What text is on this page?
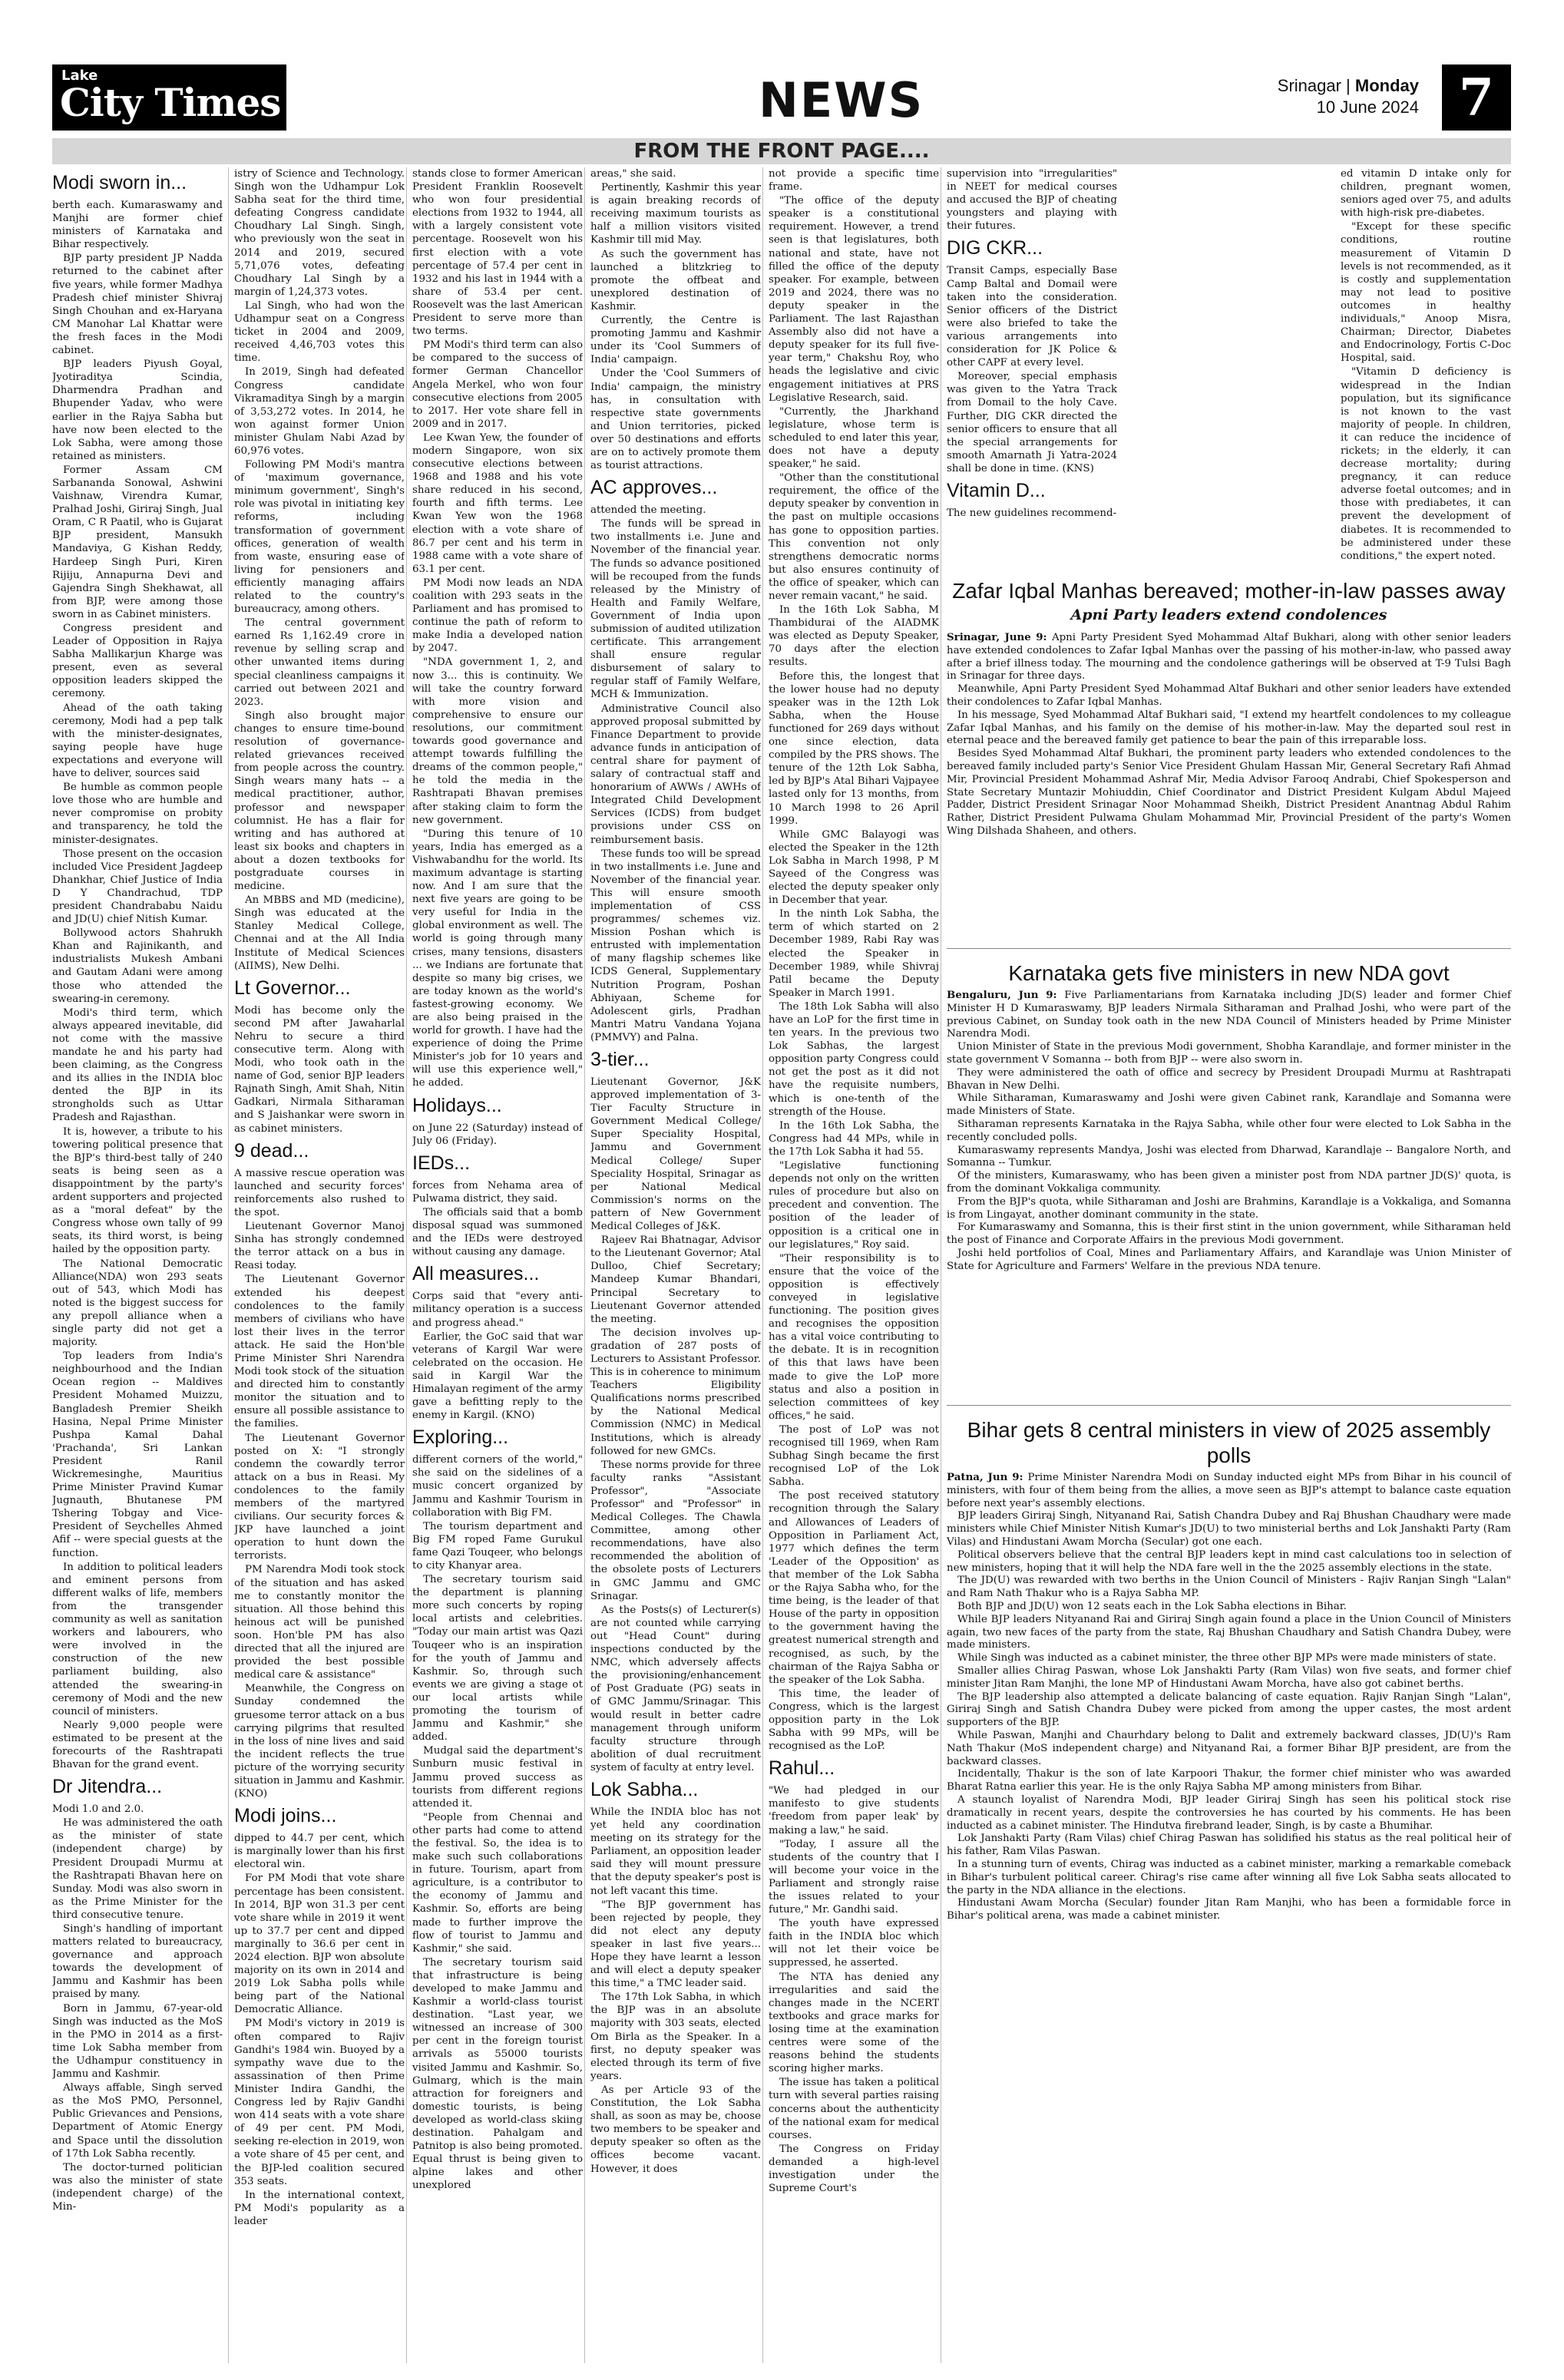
Lake
City Times	NEWS	Srinagar | Monday
10 June 2024 7
FROM THE FRONT PAGE....
Modi sworn in...

berth each. Kumaraswamy and Manjhi are former chief ministers of Karnataka and Bihar respectively.

BJP party president JP Nadda returned to the cabinet after five years, while former Madhya Pradesh chief minister Shivraj Singh Chouhan and ex-Haryana CM Manohar Lal Khattar were the fresh faces in the Modi cabinet.

BJP leaders Piyush Goyal, Jyotiraditya Scindia, Dharmendra Pradhan and Bhupender Yadav, who were earlier in the Rajya Sabha but have now been elected to the Lok Sabha, were among those retained as ministers.

Former Assam CM Sarbananda Sonowal, Ashwini Vaishnaw, Virendra Kumar, Pralhad Joshi, Giriraj Singh, Jual Oram, C R Paatil, who is Gujarat BJP president, Mansukh Mandaviya, G Kishan Reddy, Hardeep Singh Puri, Kiren Rijiju, Annapurna Devi and Gajendra Singh Shekhawat, all from BJP, were among those sworn in as Cabinet ministers.

Congress president and Leader of Opposition in Rajya Sabha Mallikarjun Kharge was present, even as several opposition leaders skipped the ceremony.

Ahead of the oath taking ceremony, Modi had a pep talk with the minister-designates, saying people have huge expectations and everyone will have to deliver, sources said

Be humble as common people love those who are humble and never compromise on probity and transparency, he told the minister-designates.

Those present on the occasion included Vice President Jagdeep Dhankhar, Chief Justice of India D Y Chandrachud, TDP president Chandrababu Naidu and JD(U) chief Nitish Kumar.

Bollywood actors Shahrukh Khan and Rajinikanth, and industrialists Mukesh Ambani and Gautam Adani were among those who attended the swearing-in ceremony.

Modi's third term, which always appeared inevitable, did not come with the massive mandate he and his party had been claiming, as the Congress and its allies in the INDIA bloc dented the BJP in its strongholds such as Uttar Pradesh and Rajasthan.

It is, however, a tribute to his towering political presence that the BJP's third-best tally of 240 seats is being seen as a disappointment by the party's ardent supporters and projected as a "moral defeat" by the Congress whose own tally of 99 seats, its third worst, is being hailed by the opposition party.

The National Democratic Alliance(NDA) won 293 seats out of 543, which Modi has noted is the biggest success for any prepoll alliance when a single party did not get a majority.

Top leaders from India's neighbourhood and the Indian Ocean region -- Maldives President Mohamed Muizzu, Bangladesh Premier Sheikh Hasina, Nepal Prime Minister Pushpa Kamal Dahal 'Prachanda', Sri Lankan President Ranil Wickremesinghe, Mauritius Prime Minister Pravind Kumar Jugnauth, Bhutanese PM Tshering Tobgay and Vice-President of Seychelles Ahmed Afif -- were special guests at the function.

In addition to political leaders and eminent persons from different walks of life, members from the transgender community as well as sanitation workers and labourers, who were involved in the construction of the new parliament building, also attended the swearing-in ceremony of Modi and the new council of ministers.

Nearly 9,000 people were estimated to be present at the forecourts of the Rashtrapati Bhavan for the grand event.

Dr Jitendra...

Modi 1.0 and 2.0.

He was administered the oath as the minister of state (independent charge) by President Droupadi Murmu at the Rashtrapati Bhavan here on Sunday. Modi was also sworn in as the Prime Minister for the third consecutive tenure.

Singh's handling of important matters related to bureaucracy, governance and approach towards the development of Jammu and Kashmir has been praised by many.

Born in Jammu, 67-year-old Singh was inducted as the MoS in the PMO in 2014 as a first-time Lok Sabha member from the Udhampur constituency in Jammu and Kashmir.

Always affable, Singh served as the MoS PMO, Personnel, Public Grievances and Pensions, Department of Atomic Energy and Space until the dissolution of 17th Lok Sabha recently.

The doctor-turned politician was also the minister of state (independent charge) of the Min-

istry of Science and Technology. Singh won the Udhampur Lok Sabha seat for the third time, defeating Congress candidate Choudhary Lal Singh. Singh, who previously won the seat in 2014 and 2019, secured 5,71,076 votes, defeating Choudhary Lal Singh by a margin of 1,24,373 votes.

Lal Singh, who had won the Udhampur seat on a Congress ticket in 2004 and 2009, received 4,46,703 votes this time.

In 2019, Singh had defeated Congress candidate Vikramaditya Singh by a margin of 3,53,272 votes. In 2014, he won against former Union minister Ghulam Nabi Azad by 60,976 votes.

Following PM Modi's mantra of 'maximum governance, minimum government', Singh's role was pivotal in initiating key reforms, including transformation of government offices, generation of wealth from waste, ensuring ease of living for pensioners and efficiently managing affairs related to the country's bureaucracy, among others.

The central government earned Rs 1,162.49 crore in revenue by selling scrap and other unwanted items during special cleanliness campaigns it carried out between 2021 and 2023.

Singh also brought major changes to ensure time-bound resolution of governance-related grievances received from people across the country. Singh wears many hats -- a medical practitioner, author, professor and newspaper columnist. He has a flair for writing and has authored at least six books and chapters in about a dozen textbooks for postgraduate courses in medicine.

An MBBS and MD (medicine), Singh was educated at the Stanley Medical College, Chennai and at the All India Institute of Medical Sciences (AIIMS), New Delhi.

Lt Governor...

Modi has become only the second PM after Jawaharlal Nehru to secure a third consecutive term. Along with Modi, who took oath in the name of God, senior BJP leaders Rajnath Singh, Amit Shah, Nitin Gadkari, Nirmala Sitharaman and S Jaishankar were sworn in as cabinet ministers.

9 dead...

A massive rescue operation was launched and security forces' reinforcements also rushed to the spot.

Lieutenant Governor Manoj Sinha has strongly condemned the terror attack on a bus in Reasi today.

The Lieutenant Governor extended his deepest condolences to the family members of civilians who have lost their lives in the terror attack. He said the Hon'ble Prime Minister Shri Narendra Modi took stock of the situation and directed him to constantly monitor the situation and to ensure all possible assistance to the families.

The Lieutenant Governor posted on X: "I strongly condemn the cowardly terror attack on a bus in Reasi. My condolences to the family members of the martyred civilians. Our security forces & JKP have launched a joint operation to hunt down the terrorists.

PM Narendra Modi took stock of the situation and has asked me to constantly monitor the situation. All those behind this heinous act will be punished soon. Hon'ble PM has also directed that all the injured are provided the best possible medical care & assistance"

Meanwhile, the Congress on Sunday condemned the gruesome terror attack on a bus carrying pilgrims that resulted in the loss of nine lives and said the incident reflects the true picture of the worrying security situation in Jammu and Kashmir. (KNO)

Modi joins...

dipped to 44.7 per cent, which is marginally lower than his first electoral win.

For PM Modi that vote share percentage has been consistent. In 2014, BJP won 31.3 per cent vote share while in 2019 it went up to 37.7 per cent and dipped marginally to 36.6 per cent in 2024 election. BJP won absolute majority on its own in 2014 and 2019 Lok Sabha polls while being part of the National Democratic Alliance.

PM Modi's victory in 2019 is often compared to Rajiv Gandhi's 1984 win. Buoyed by a sympathy wave due to the assassination of then Prime Minister Indira Gandhi, the Congress led by Rajiv Gandhi won 414 seats with a vote share of 49 per cent. PM Modi, seeking re-election in 2019, won a vote share of 45 per cent, and the BJP-led coalition secured 353 seats.

In the international context, PM Modi's popularity as a leader

stands close to former American President Franklin Roosevelt who won four presidential elections from 1932 to 1944, all with a largely consistent vote percentage. Roosevelt won his first election with a vote percentage of 57.4 per cent in 1932 and his last in 1944 with a share of 53.4 per cent. Roosevelt was the last American President to serve more than two terms.

PM Modi's third term can also be compared to the success of former German Chancellor Angela Merkel, who won four consecutive elections from 2005 to 2017. Her vote share fell in 2009 and in 2017.

Lee Kwan Yew, the founder of modern Singapore, won six consecutive elections between 1968 and 1988 and his vote share reduced in his second, fourth and fifth terms. Lee Kwan Yew won the 1968 election with a vote share of 86.7 per cent and his term in 1988 came with a vote share of 63.1 per cent.

PM Modi now leads an NDA coalition with 293 seats in the Parliament and has promised to continue the path of reform to make India a developed nation by 2047.

"NDA government 1, 2, and now 3... this is continuity. We will take the country forward with more vision and comprehensive to ensure our resolutions, our commitment towards good governance and attempt towards fulfilling the dreams of the common people," he told the media in the Rashtrapati Bhavan premises after staking claim to form the new government.

"During this tenure of 10 years, India has emerged as a Vishwabandhu for the world. Its maximum advantage is starting now. And I am sure that the next five years are going to be very useful for India in the global environment as well. The world is going through many crises, many tensions, disasters ... we Indians are fortunate that despite so many big crises, we are today known as the world's fastest-growing economy. We are also being praised in the world for growth. I have had the experience of doing the Prime Minister's job for 10 years and will use this experience well," he added.

Holidays...

on June 22 (Saturday) instead of July 06 (Friday).

IEDs...

forces from Nehama area of Pulwama district, they said.

The officials said that a bomb disposal squad was summoned and the IEDs were destroyed without causing any damage.

All measures...

Corps said that "every anti-militancy operation is a success and progress ahead."

Earlier, the GoC said that war veterans of Kargil War were celebrated on the occasion. He said in Kargil War the Himalayan regiment of the army gave a befitting reply to the enemy in Kargil. (KNO)

Exploring...

different corners of the world," she said on the sidelines of a music concert organized by Jammu and Kashmir Tourism in collaboration with Big FM.

The tourism department and Big FM roped Fame Gurukul fame Qazi Touqeer, who belongs to city Khanyar area.

The secretary tourism said the department is planning more such concerts by roping local artists and celebrities. "Today our main artist was Qazi Touqeer who is an inspiration for the youth of Jammu and Kashmir. So, through such events we are giving a stage ot our local artists while promoting the tourism of Jammu and Kashmir," she added.

Mudgal said the department's Sunburn music festival in Jammu proved success as tourists from different regions attended it.

"People from Chennai and other parts had come to attend the festival. So, the idea is to make such such collaborations in future. Tourism, apart from agriculture, is a contributor to the economy of Jammu and Kashmir. So, efforts are being made to further improve the flow of tourist to Jammu and Kashmir," she said.

The secretary tourism said that infrastructure is being developed to make Jammu and Kashmir a world-class tourist destination. "Last year, we witnessed an increase of 300 per cent in the foreign tourist arrivals as 55000 tourists visited Jammu and Kashmir. So, Gulmarg, which is the main attraction for foreigners and domestic tourists, is being developed as world-class skiing destination. Pahalgam and Patnitop is also being promoted. Equal thrust is being given to alpine lakes and other unexplored

areas," she said.

Pertinently, Kashmir this year is again breaking records of receiving maximum tourists as half a million visitors visited Kashmir till mid May.

As such the government has launched a blitzkrieg to promote the offbeat and unexplored destination of Kashmir.

Currently, the Centre is promoting Jammu and Kashmir under its 'Cool Summers of India' campaign.

Under the 'Cool Summers of India' campaign, the ministry has, in consultation with respective state governments and Union territories, picked over 50 destinations and efforts are on to actively promote them as tourist attractions.

AC approves...

attended the meeting.

The funds will be spread in two installments i.e. June and November of the financial year. The funds so advance positioned will be recouped from the funds released by the Ministry of Health and Family Welfare, Government of India upon submission of audited utilization certificate. This arrangement shall ensure regular disbursement of salary to regular staff of Family Welfare, MCH & Immunization.

Administrative Council also approved proposal submitted by Finance Department to provide advance funds in anticipation of central share for payment of salary of contractual staff and honorarium of AWWs / AWHs of Integrated Child Development Services (ICDS) from budget provisions under CSS on reimbursement basis.

These funds too will be spread in two installments i.e. June and November of the financial year. This will ensure smooth implementation of CSS programmes/ schemes viz. Mission Poshan which is entrusted with implementation of many flagship schemes like ICDS General, Supplementary Nutrition Program, Poshan Abhiyaan, Scheme for Adolescent girls, Pradhan Mantri Matru Vandana Yojana (PMMVY) and Palna.

3-tier...

Lieutenant Governor, J&K approved implementation of 3-Tier Faculty Structure in Government Medical College/ Super Speciality Hospital, Jammu and Government Medical College/ Super Speciality Hospital, Srinagar as per National Medical Commission's norms on the pattern of New Government Medical Colleges of J&K.

Rajeev Rai Bhatnagar, Advisor to the Lieutenant Governor; Atal Dulloo, Chief Secretary; Mandeep Kumar Bhandari, Principal Secretary to Lieutenant Governor attended the meeting.

The decision involves up-gradation of 287 posts of Lecturers to Assistant Professor. This is in coherence to minimum Teachers Eligibility Qualifications norms prescribed by the National Medical Commission (NMC) in Medical Institutions, which is already followed for new GMCs.

These norms provide for three faculty ranks "Assistant Professor", "Associate Professor" and "Professor" in Medical Colleges. The Chawla Committee, among other recommendations, have also recommended the abolition of the obsolete posts of Lecturers in GMC Jammu and GMC Srinagar.

As the Posts(s) of Lecturer(s) are not counted while carrying out "Head Count" during inspections conducted by the NMC, which adversely affects the provisioning/enhancement of Post Graduate (PG) seats in of GMC Jammu/Srinagar. This would result in better cadre management through uniform faculty structure through abolition of dual recruitment system of faculty at entry level.

Lok Sabha...

While the INDIA bloc has not yet held any coordination meeting on its strategy for the Parliament, an opposition leader said they will mount pressure that the deputy speaker's post is not left vacant this time.

"The BJP government has been rejected by people, they did not elect any deputy speaker in last five years... Hope they have learnt a lesson and will elect a deputy speaker this time," a TMC leader said.

The 17th Lok Sabha, in which the BJP was in an absolute majority with 303 seats, elected Om Birla as the Speaker. In a first, no deputy speaker was elected through its term of five years.

As per Article 93 of the Constitution, the Lok Sabha shall, as soon as may be, choose two members to be speaker and deputy speaker so often as the offices become vacant. However, it does

not provide a specific time frame.

"The office of the deputy speaker is a constitutional requirement. However, a trend seen is that legislatures, both national and state, have not filled the office of the deputy speaker. For example, between 2019 and 2024, there was no deputy speaker in the Parliament. The last Rajasthan Assembly also did not have a deputy speaker for its full five-year term," Chakshu Roy, who heads the legislative and civic engagement initiatives at PRS Legislative Research, said.

"Currently, the Jharkhand legislature, whose term is scheduled to end later this year, does not have a deputy speaker," he said.

"Other than the constitutional requirement, the office of the deputy speaker by convention in the past on multiple occasions has gone to opposition parties. This convention not only strengthens democratic norms but also ensures continuity of the office of speaker, which can never remain vacant," he said.

In the 16th Lok Sabha, M Thambidurai of the AIADMK was elected as Deputy Speaker, 70 days after the election results.

Before this, the longest that the lower house had no deputy speaker was in the 12th Lok Sabha, when the House functioned for 269 days without one since election, data compiled by the PRS shows. The tenure of the 12th Lok Sabha, led by BJP's Atal Bihari Vajpayee lasted only for 13 months, from 10 March 1998 to 26 April 1999.

While GMC Balayogi was elected the Speaker in the 12th Lok Sabha in March 1998, P M Sayeed of the Congress was elected the deputy speaker only in December that year.

In the ninth Lok Sabha, the term of which started on 2 December 1989, Rabi Ray was elected the Speaker in December 1989, while Shivraj Patil became the Deputy Speaker in March 1991.

The 18th Lok Sabha will also have an LoP for the first time in ten years. In the previous two Lok Sabhas, the largest opposition party Congress could not get the post as it did not have the requisite numbers, which is one-tenth of the strength of the House.

In the 16th Lok Sabha, the Congress had 44 MPs, while in the 17th Lok Sabha it had 55.

"Legislative functioning depends not only on the written rules of procedure but also on precedent and convention. The position of the leader of opposition is a critical one in our legislatures," Roy said.

"Their responsibility is to ensure that the voice of the opposition is effectively conveyed in legislative functioning. The position gives and recognises the opposition has a vital voice contributing to the debate. It is in recognition of this that laws have been made to give the LoP more status and also a position in selection committees of key offices," he said.

The post of LoP was not recognised till 1969, when Ram Subhag Singh became the first recognised LoP of the Lok Sabha.

The post received statutory recognition through the Salary and Allowances of Leaders of Opposition in Parliament Act, 1977 which defines the term 'Leader of the Opposition' as that member of the Lok Sabha or the Rajya Sabha who, for the time being, is the leader of that House of the party in opposition to the government having the greatest numerical strength and recognised, as such, by the chairman of the Rajya Sabha or the speaker of the Lok Sabha.

This time, the leader of Congress, which is the largest opposition party in the Lok Sabha with 99 MPs, will be recognised as the LoP.

Rahul...

"We had pledged in our manifesto to give students 'freedom from paper leak' by making a law," he said.

"Today, I assure all the students of the country that I will become your voice in the Parliament and strongly raise the issues related to your future," Mr. Gandhi said.

The youth have expressed faith in the INDIA bloc which will not let their voice be suppressed, he asserted.

The NTA has denied any irregularities and said the changes made in the NCERT textbooks and grace marks for losing time at the examination centres were some of the reasons behind the students scoring higher marks.

The issue has taken a political turn with several parties raising concerns about the authenticity of the national exam for medical courses.

The Congress on Friday demanded a high-level investigation under the Supreme Court's

supervision into "irregularities" in NEET for medical courses and accused the BJP of cheating youngsters and playing with their futures.

DIG CKR...

Transit Camps, especially Base Camp Baltal and Domail were taken into the consideration. Senior officers of the District were also briefed to take the various arrangements into consideration for JK Police & other CAPF at every level.

Moreover, special emphasis was given to the Yatra Track from Domail to the holy Cave. Further, DIG CKR directed the senior officers to ensure that all the special arrangements for smooth Amarnath Ji Yatra-2024 shall be done in time. (KNS)

Vitamin D...

The new guidelines recommend-

ed vitamin D intake only for children, pregnant women, seniors aged over 75, and adults with high-risk pre-diabetes.

"Except for these specific conditions, routine measurement of Vitamin D levels is not recommended, as it is costly and supplementation may not lead to positive outcomes in healthy individuals," Anoop Misra, Chairman; Director, Diabetes and Endocrinology, Fortis C-Doc Hospital, said.

"Vitamin D deficiency is widespread in the Indian population, but its significance is not known to the vast majority of people. In children, it can reduce the incidence of rickets; in the elderly, it can decrease mortality; during pregnancy, it can reduce adverse foetal outcomes; and in those with prediabetes, it can prevent the development of diabetes. It is recommended to be administered under these conditions," the expert noted.

Zafar Iqbal Manhas bereaved; mother-in-law passes away
Apni Party leaders extend condolences

Srinagar, June 9: Apni Party President Syed Mohammad Altaf Bukhari, along with other senior leaders have extended condolences to Zafar Iqbal Manhas over the passing of his mother-in-law, who passed away after a brief illness today. The mourning and the condolence gatherings will be observed at T-9 Tulsi Bagh in Srinagar for three days.

Meanwhile, Apni Party President Syed Mohammad Altaf Bukhari and other senior leaders have extended their condolences to Zafar Iqbal Manhas.

In his message, Syed Mohammad Altaf Bukhari said, "I extend my heartfelt condolences to my colleague Zafar Iqbal Manhas, and his family on the demise of his mother-in-law. May the departed soul rest in eternal peace and the bereaved family get patience to bear the pain of this irreparable loss.

Besides Syed Mohammad Altaf Bukhari, the prominent party leaders who extended condolences to the bereaved family included party's Senior Vice President Ghulam Hassan Mir, General Secretary Rafi Ahmad Mir, Provincial President Mohammad Ashraf Mir, Media Advisor Farooq Andrabi, Chief Spokesperson and State Secretary Muntazir Mohiuddin, Chief Coordinator and District President Kulgam Abdul Majeed Padder, District President Srinagar Noor Mohammad Sheikh, District President Anantnag Abdul Rahim Rather, District President Pulwama Ghulam Mohammad Mir, Provincial President of the party's Women Wing Dilshada Shaheen, and others.

Karnataka gets five ministers in new NDA govt

Bengaluru, Jun 9: Five Parliamentarians from Karnataka including JD(S) leader and former Chief Minister H D Kumaraswamy, BJP leaders Nirmala Sitharaman and Pralhad Joshi, who were part of the previous Cabinet, on Sunday took oath in the new NDA Council of Ministers headed by Prime Minister Narendra Modi.

Union Minister of State in the previous Modi government, Shobha Karandlaje, and former minister in the state government V Somanna -- both from BJP -- were also sworn in.

They were administered the oath of office and secrecy by President Droupadi Murmu at Rashtrapati Bhavan in New Delhi.

While Sitharaman, Kumaraswamy and Joshi were given Cabinet rank, Karandlaje and Somanna were made Ministers of State.

Sitharaman represents Karnataka in the Rajya Sabha, while other four were elected to Lok Sabha in the recently concluded polls.

Kumaraswamy represents Mandya, Joshi was elected from Dharwad, Karandlaje -- Bangalore North, and Somanna -- Tumkur.

Of the ministers, Kumaraswamy, who has been given a minister post from NDA partner JD(S)' quota, is from the dominant Vokkaliga community.

From the BJP's quota, while Sitharaman and Joshi are Brahmins, Karandlaje is a Vokkaliga, and Somanna is from Lingayat, another dominant community in the state.

For Kumaraswamy and Somanna, this is their first stint in the union government, while Sitharaman held the post of Finance and Corporate Affairs in the previous Modi government.

Joshi held portfolios of Coal, Mines and Parliamentary Affairs, and Karandlaje was Union Minister of State for Agriculture and Farmers' Welfare in the previous NDA tenure.

Bihar gets 8 central ministers in view of 2025 assembly polls

Patna, Jun 9: Prime Minister Narendra Modi on Sunday inducted eight MPs from Bihar in his council of ministers, with four of them being from the allies, a move seen as BJP's attempt to balance caste equation before next year's assembly elections.

BJP leaders Giriraj Singh, Nityanand Rai, Satish Chandra Dubey and Raj Bhushan Chaudhary were made ministers while Chief Minister Nitish Kumar's JD(U) to two ministerial berths and Lok Janshakti Party (Ram Vilas) and Hindustani Awam Morcha (Secular) got one each.

Political observers believe that the central BJP leaders kept in mind cast calculations too in selection of new ministers, hoping that it will help the NDA fare well in the the 2025 assembly elections in the state.

The JD(U) was rewarded with two berths in the Union Council of Ministers - Rajiv Ranjan Singh "Lalan" and Ram Nath Thakur who is a Rajya Sabha MP.

Both BJP and JD(U) won 12 seats each in the Lok Sabha elections in Bihar.

While BJP leaders Nityanand Rai and Giriraj Singh again found a place in the Union Council of Ministers again, two new faces of the party from the state, Raj Bhushan Chaudhary and Satish Chandra Dubey, were made ministers.

While Singh was inducted as a cabinet minister, the three other BJP MPs were made ministers of state.

Smaller allies Chirag Paswan, whose Lok Janshakti Party (Ram Vilas) won five seats, and former chief minister Jitan Ram Manjhi, the lone MP of Hindustani Awam Morcha, have also got cabinet berths.

The BJP leadership also attempted a delicate balancing of caste equation. Rajiv Ranjan Singh "Lalan", Giriraj Singh and Satish Chandra Dubey were picked from among the upper castes, the most ardent supporters of the BJP.

While Paswan, Manjhi and Chaurhdary belong to Dalit and extremely backward classes, JD(U)'s Ram Nath Thakur (MoS independent charge) and Nityanand Rai, a former Bihar BJP president, are from the backward classes.

Incidentally, Thakur is the son of late Karpoori Thakur, the former chief minister who was awarded Bharat Ratna earlier this year. He is the only Rajya Sabha MP among ministers from Bihar.

A staunch loyalist of Narendra Modi, BJP leader Giriraj Singh has seen his political stock rise dramatically in recent years, despite the controversies he has courted by his comments. He has been inducted as a cabinet minister. The Hindutva firebrand leader, Singh, is by caste a Bhumihar.

Lok Janshakti Party (Ram Vilas) chief Chirag Paswan has solidified his status as the real political heir of his father, Ram Vilas Paswan.

In a stunning turn of events, Chirag was inducted as a cabinet minister, marking a remarkable comeback in Bihar's turbulent political career. Chirag's rise came after winning all five Lok Sabha seats allocated to the party in the NDA alliance in the elections.

Hindustani Awam Morcha (Secular) founder Jitan Ram Manjhi, who has been a formidable force in Bihar's political arena, was made a cabinet minister.
